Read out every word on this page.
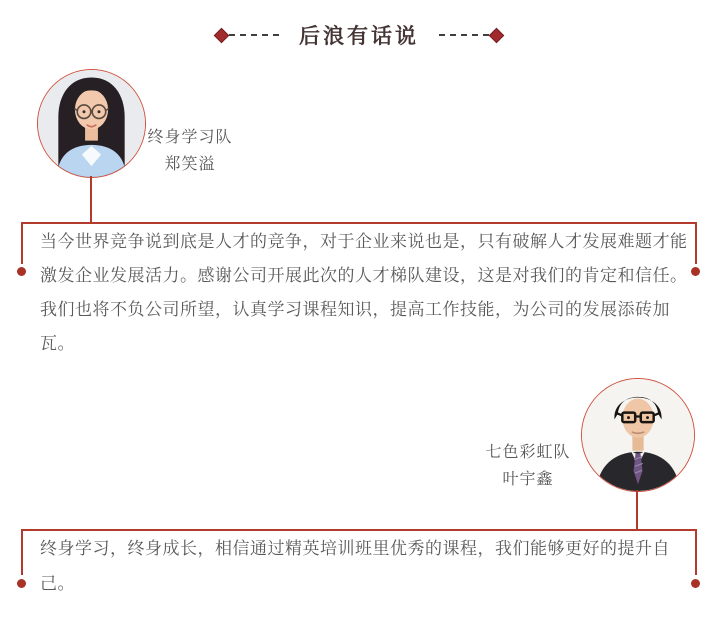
后浪有话说
终身学习队
郑笑溢
当今世界竞争说到底是人才的竞争，对于企业来说也是，只有破解人才发展难题才能
激发企业发展活力。感谢公司开展此次的人才梯队建设，这是对我们的肯定和信任。
我们也将不负公司所望，认真学习课程知识，提高工作技能，为公司的发展添砖加
瓦。
七色彩虹队
叶宇鑫
终身学习，终身成长，相信通过精英培训班里优秀的课程，我们能够更好的提升自
己。
